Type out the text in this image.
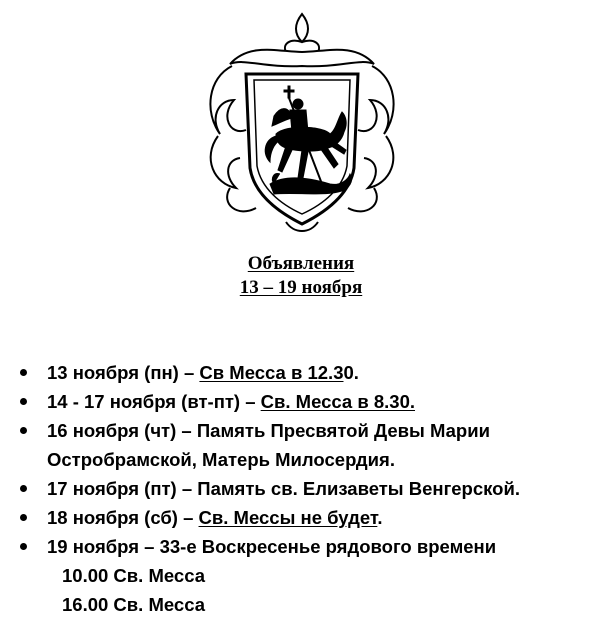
Объявления
13 – 19 ноября
13 ноября (пн) – Св Месса в 12.30.
14 - 17 ноября (вт-пт) – Св. Месса в 8.30.
16 ноября (чт) – Память Пресвятой Девы Марии Остробрамской, Матерь Милосердия.
17 ноября (пт) – Память св. Елизаветы Венгерской.
18 ноября (сб) – Св. Мессы не будет.
19 ноября – 33-е Воскресенье рядового времени
10.00 Св. Месса
16.00 Св. Месса
